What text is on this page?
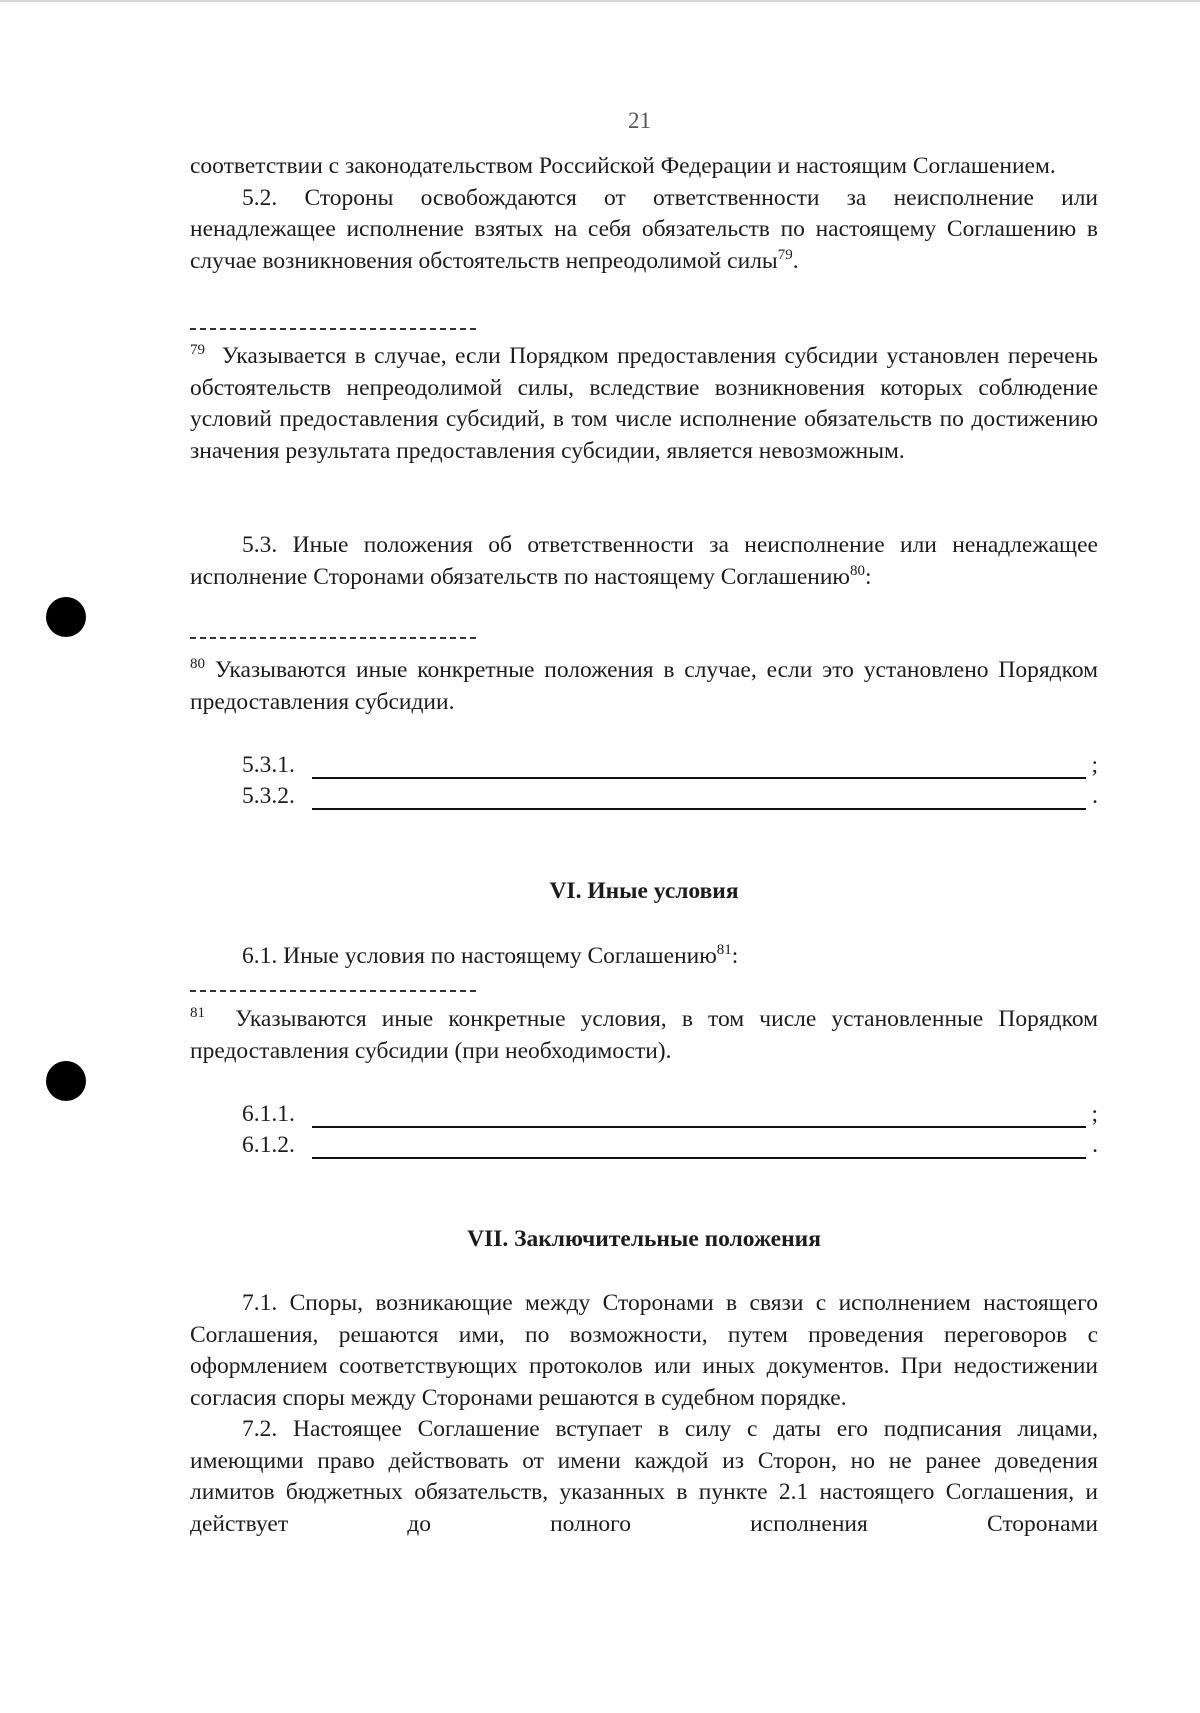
21

соответствии с законодательством Российской Федерации и настоящим Соглашением.

5.2. Стороны освобождаются от ответственности за неисполнение или ненадлежащее исполнение взятых на себя обязательств по настоящему Соглашению в случае возникновения обстоятельств непреодолимой силы$^{79}$.

$^{79}$ Указывается в случае, если Порядком предоставления субсидии установлен перечень обстоятельств непреодолимой силы, вследствие возникновения которых соблюдение условий предоставления субсидий, в том числе исполнение обязательств по достижению значения результата предоставления субсидии, является невозможным.

5.3. Иные положения об ответственности за неисполнение или ненадлежащее исполнение Сторонами обязательств по настоящему Соглашению$^{80}$:

$^{80}$ Указываются иные конкретные положения в случае, если это установлено Порядком предоставления субсидии.

5.3.1.	;
5.3.2.	.

VI. Иные условия

6.1. Иные условия по настоящему Соглашению$^{81}$:

$^{81}$ Указываются иные конкретные условия, в том числе установленные Порядком предоставления субсидии (при необходимости).

6.1.1.	;
6.1.2.	.

VII. Заключительные положения

7.1. Споры, возникающие между Сторонами в связи с исполнением настоящего Соглашения, решаются ими, по возможности, путем проведения переговоров с оформлением соответствующих протоколов или иных документов. При недостижении согласия споры между Сторонами решаются в судебном порядке.

7.2. Настоящее Соглашение вступает в силу с даты его подписания лицами, имеющими право действовать от имени каждой из Сторон, но не ранее доведения лимитов бюджетных обязательств, указанных в пункте 2.1 настоящего Соглашения, и действует до полного исполнения Сторонами
